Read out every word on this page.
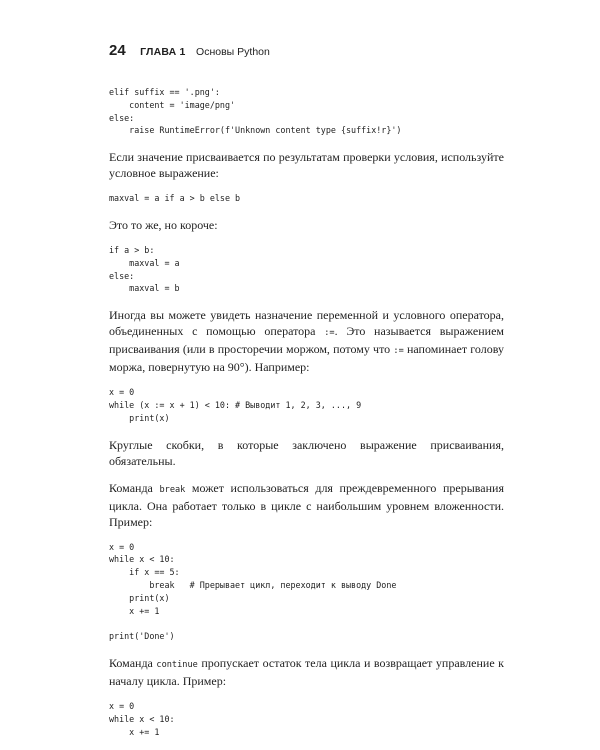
24 ГЛАВА 1 Основы Python
elif suffix == '.png':
content = 'image/png'
else:
raise RuntimeError(f'Unknown content type {suffix!r}')

Если значение присваивается по результатам проверки условия, используйте условное выражение:

maxval = a if a > b else b

Это то же, но короче:

if a > b:
maxval = a
else:
maxval = b

Иногда вы можете увидеть назначение переменной и условного оператора, объединенных с помощью оператора :=. Это называется выражением присваивания (или в просторечии моржом, потому что := напоминает голову моржа, повернутую на 90°). Например:

x = 0
while (x := x + 1) < 10: # Выводит 1, 2, 3, ..., 9
print(x)

Круглые скобки, в которые заключено выражение присваивания, обязательны.

Команда break может использоваться для преждевременного прерывания цикла. Она работает только в цикле с наибольшим уровнем вложенности. Пример:

x = 0
while x < 10:
if x == 5:
break   # Прерывает цикл, переходит к выводу Done
print(x)
x += 1

print('Done')

Команда continue пропускает остаток тела цикла и возвращает управление к началу цикла. Пример:

x = 0
while x < 10:
x += 1
